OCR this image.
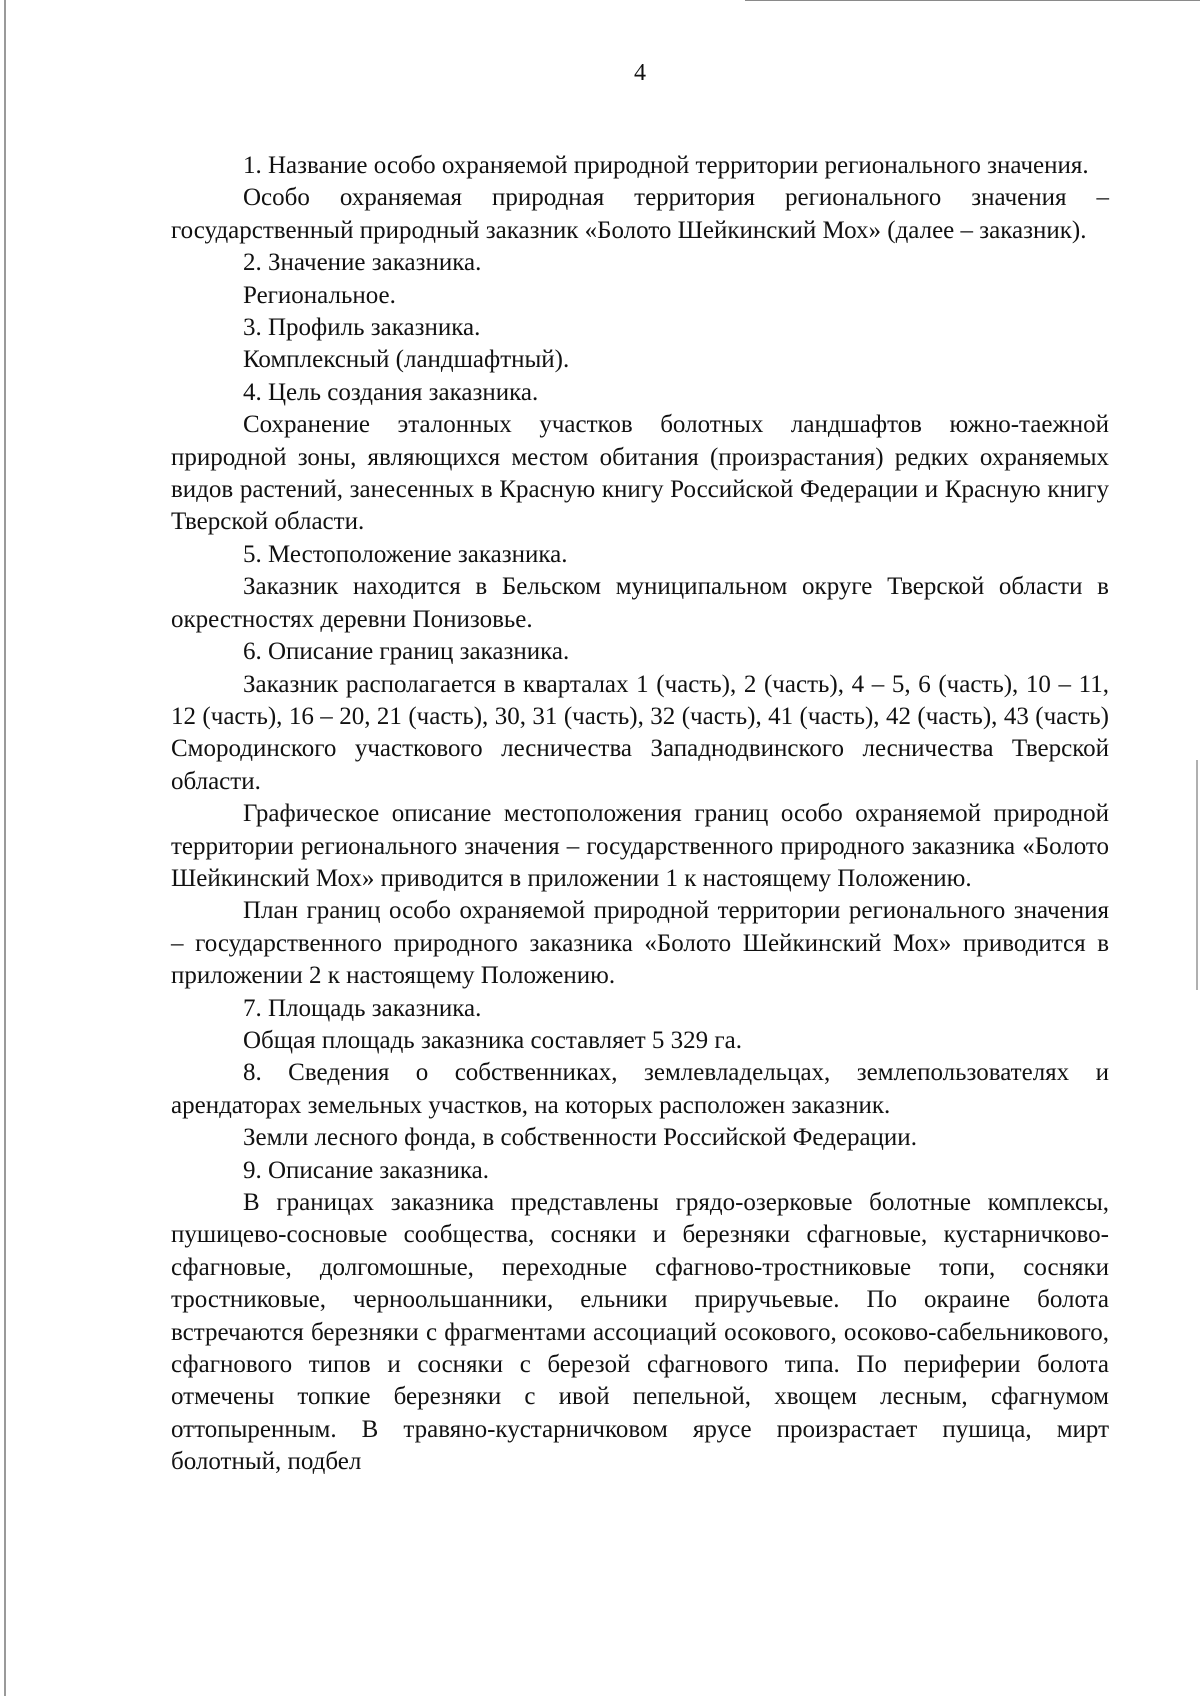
4

1. Название особо охраняемой природной территории регионального значения.

Особо охраняемая природная территория регионального значения – государственный природный заказник «Болото Шейкинский Мох» (далее – заказник).

2. Значение заказника.

Региональное.

3. Профиль заказника.

Комплексный (ландшафтный).

4. Цель создания заказника.

Сохранение эталонных участков болотных ландшафтов южно-таежной природной зоны, являющихся местом обитания (произрастания) редких охраняемых видов растений, занесенных в Красную книгу Российской Федерации и Красную книгу Тверской области.

5. Местоположение заказника.

Заказник находится в Бельском муниципальном округе Тверской области в окрестностях деревни Понизовье.

6. Описание границ заказника.

Заказник располагается в кварталах 1 (часть), 2 (часть), 4 – 5, 6 (часть), 10 – 11, 12 (часть), 16 – 20, 21 (часть), 30, 31 (часть), 32 (часть), 41 (часть), 42 (часть), 43 (часть) Смородинского участкового лесничества Западнодвинского лесничества Тверской области.

Графическое описание местоположения границ особо охраняемой природной территории регионального значения – государственного природного заказника «Болото Шейкинский Мох» приводится в приложении 1 к настоящему Положению.

План границ особо охраняемой природной территории регионального значения – государственного природного заказника «Болото Шейкинский Мох» приводится в приложении 2 к настоящему Положению.

7. Площадь заказника.

Общая площадь заказника составляет 5 329 га.

8. Сведения о собственниках, землевладельцах, землепользователях и арендаторах земельных участков, на которых расположен заказник.

Земли лесного фонда, в собственности Российской Федерации.

9. Описание заказника.

В границах заказника представлены грядо-озерковые болотные комплексы, пушицево-сосновые сообщества, сосняки и березняки сфагновые, кустарничково-сфагновые, долгомошные, переходные сфагново-тростниковые топи, сосняки тростниковые, черноольшанники, ельники приручьевые. По окраине болота встречаются березняки с фрагментами ассоциаций осокового, осоково-сабельникового, сфагнового типов и сосняки с березой сфагнового типа. По периферии болота отмечены топкие березняки с ивой пепельной, хвощем лесным, сфагнумом оттопыренным. В травяно-кустарничковом ярусе произрастает пушица, мирт болотный, подбел
